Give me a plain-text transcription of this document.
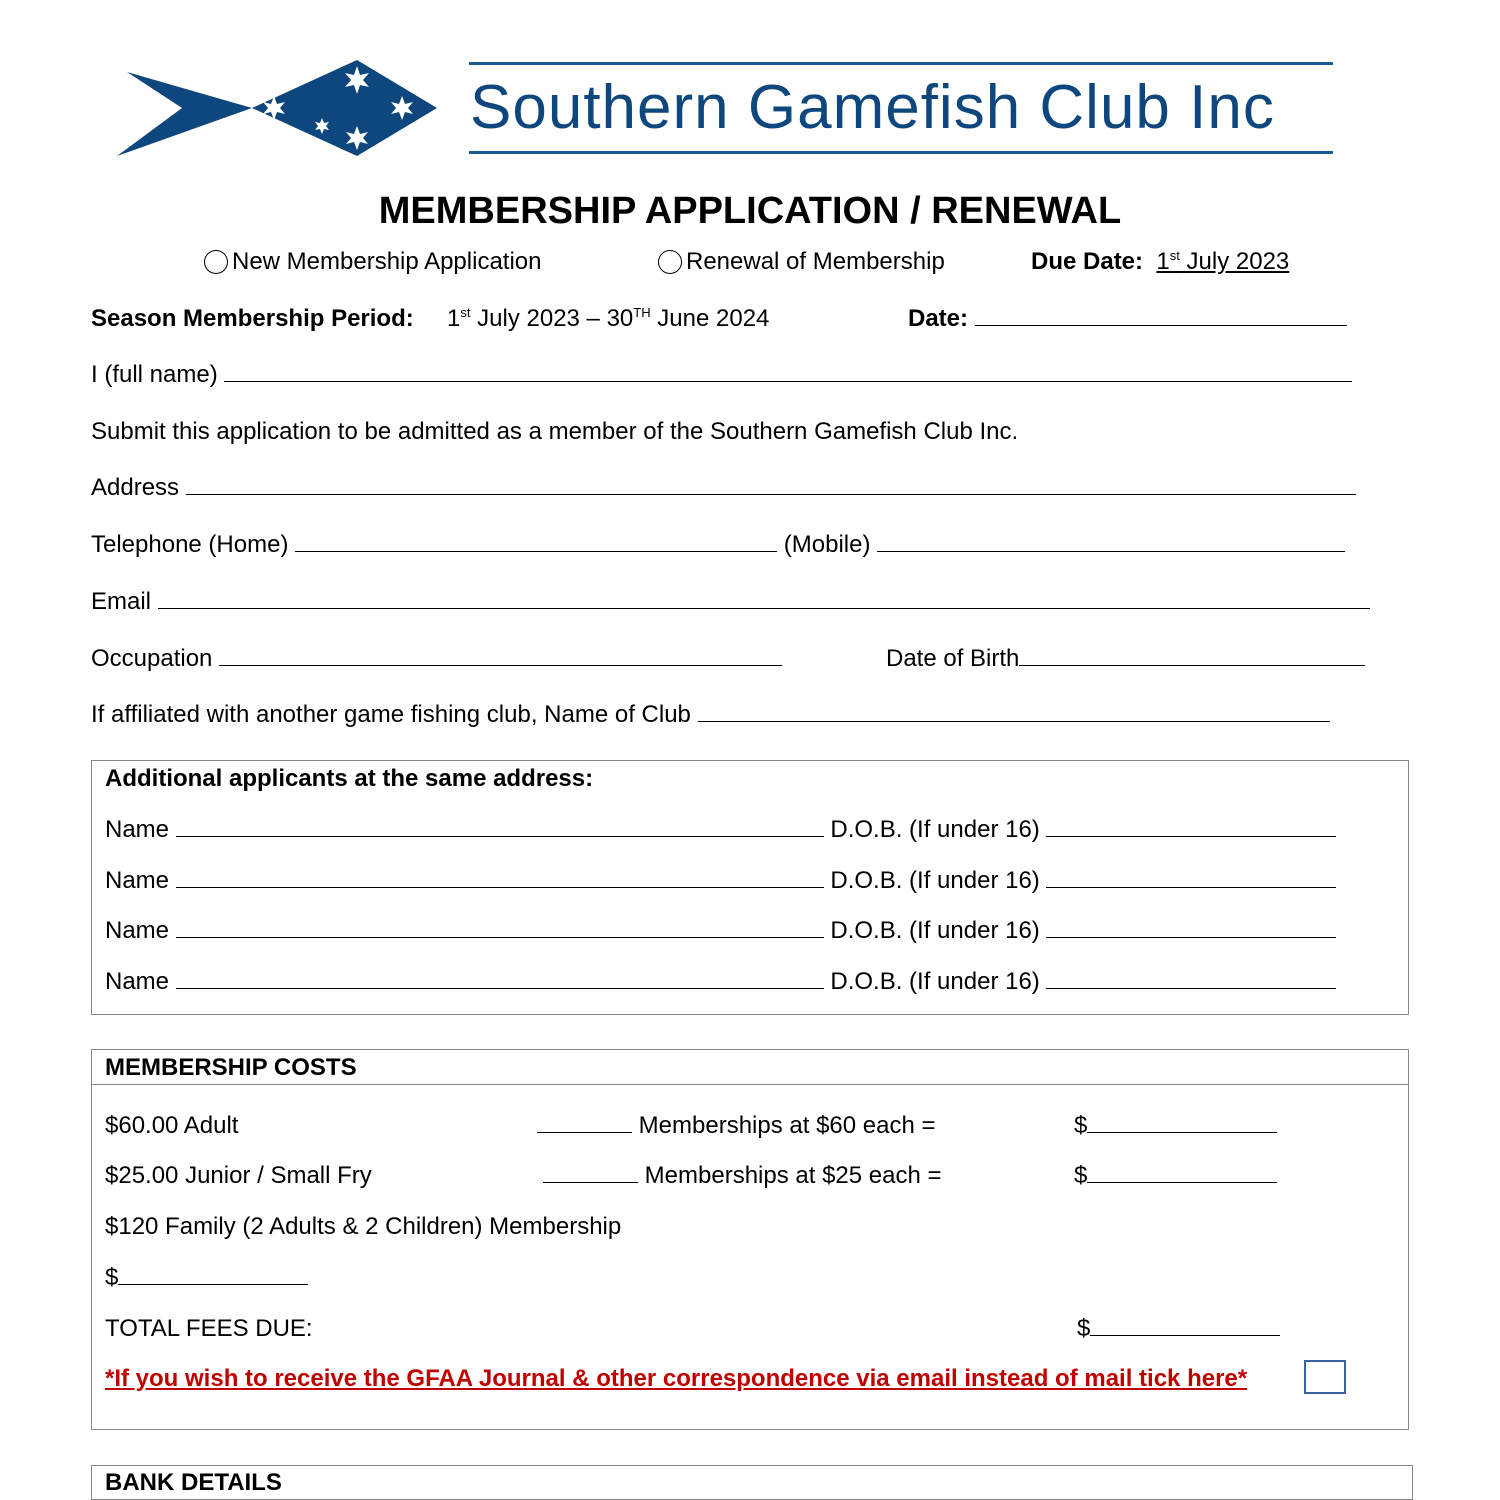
Southern Gamefish Club Inc
MEMBERSHIP APPLICATION / RENEWAL
New Membership Application	Renewal of Membership	Due Date: 1st July 2023
Season Membership Period: 1st July 2023 – 30TH June 2024	Date:
I (full name)
Submit this application to be admitted as a member of the Southern Gamefish Club Inc.
Address
Telephone (Home)	(Mobile)
Email
Occupation	Date of Birth
If affiliated with another game fishing club, Name of Club
Additional applicants at the same address:
Name	D.O.B. (If under 16)
Name	D.O.B. (If under 16)
Name	D.O.B. (If under 16)
Name	D.O.B. (If under 16)
MEMBERSHIP COSTS
$60.00 Adult	Memberships at $60 each =	$
$25.00 Junior / Small Fry	Memberships at $25 each =	$
$120 Family (2 Adults & 2 Children) Membership
$
TOTAL FEES DUE:	$
*If you wish to receive the GFAA Journal & other correspondence via email instead of mail tick here*
BANK DETAILS
